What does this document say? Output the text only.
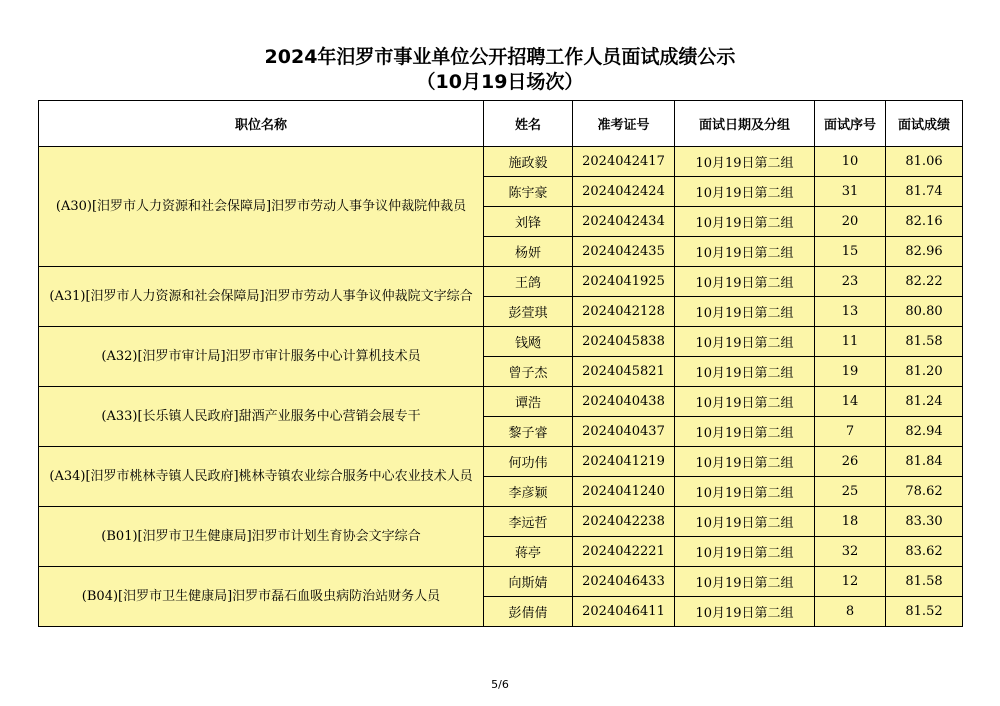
2024年汨罗市事业单位公开招聘工作人员面试成绩公示
（10月19日场次）
职位名称	姓名	准考证号	面试日期及分组	面试序号	面试成绩
(A30)[汨罗市人力资源和社会保障局]汨罗市劳动人事争议仲裁院仲裁员	施政毅	2024042417	10月19日第二组	10	81.06
	陈宇豪	2024042424	10月19日第二组	31	81.74
	刘锋	2024042434	10月19日第二组	20	82.16
	杨妍	2024042435	10月19日第二组	15	82.96
(A31)[汨罗市人力资源和社会保障局]汨罗市劳动人事争议仲裁院文字综合	王鸽	2024041925	10月19日第二组	23	82.22
	彭萱琪	2024042128	10月19日第二组	13	80.80
(A32)[汨罗市审计局]汨罗市审计服务中心计算机技术员	钱飏	2024045838	10月19日第二组	11	81.58
	曾子杰	2024045821	10月19日第二组	19	81.20
(A33)[长乐镇人民政府]甜酒产业服务中心营销会展专干	谭浩	2024040438	10月19日第二组	14	81.24
	黎子睿	2024040437	10月19日第二组	7	82.94
(A34)[汨罗市桃林寺镇人民政府]桃林寺镇农业综合服务中心农业技术人员	何功伟	2024041219	10月19日第二组	26	81.84
	李彦颖	2024041240	10月19日第二组	25	78.62
(B01)[汨罗市卫生健康局]汨罗市计划生育协会文字综合	李远哲	2024042238	10月19日第二组	18	83.30
	蒋亭	2024042221	10月19日第二组	32	83.62
(B04)[汨罗市卫生健康局]汨罗市磊石血吸虫病防治站财务人员	向斯婧	2024046433	10月19日第二组	12	81.58
	彭倩倩	2024046411	10月19日第二组	8	81.52
5/6
